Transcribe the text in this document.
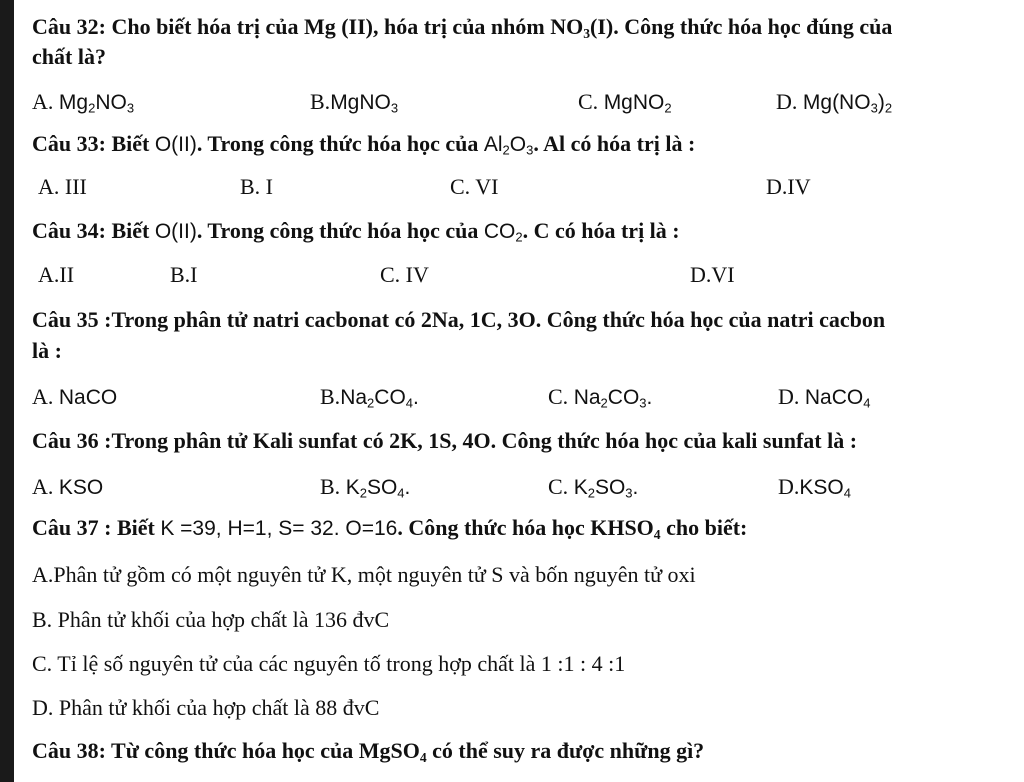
Câu 32: Cho biết hóa trị của Mg (II), hóa trị của nhóm $NO_3(I)$. Công thức hóa học đúng của
chất là?
A. $Mg_2NO_3$	B.MgNO$_3$	C. MgNO$_2$	D. $Mg(NO_3)_2$
Câu 33: Biết O(II). Trong công thức hóa học của $Al_2O_3$. Al có hóa trị là :
A. III	B. I	C. VI	D.IV
Câu 34: Biết O(II). Trong công thức hóa học của $CO_2$. C có hóa trị là :
A.II	B.I	C. IV	D.VI
Câu 35 :Trong phân tử natri cacbonat có 2Na, 1C, 3O. Công thức hóa học của natri cacbon
là :
A. NaCO	$B.Na_2CO_4$.	C. $Na_2CO_3$.	D. NaCO$_4$
Câu 36 :Trong phân tử Kali sunfat có 2K, 1S, 4O. Công thức hóa học của kali sunfat là :
A. KSO	B. $K_2SO_4$.	C. $K_2SO_3$.	$D.KSO_4$
Câu 37 : Biết K =39, H=1, S= 32. O=16. Công thức hóa học $KHSO_4$ cho biết:
A.Phân tử gồm có một nguyên tử K, một nguyên tử S và bốn nguyên tử oxi
B. Phân tử khối của hợp chất là 136 đvC
C. Tỉ lệ số nguyên tử của các nguyên tố trong hợp chất là 1 :1 : 4 :1
D. Phân tử khối của hợp chất là 88 đvC
Câu 38: Từ công thức hóa học của MgSO$_4$ có thể suy ra được những gì?
